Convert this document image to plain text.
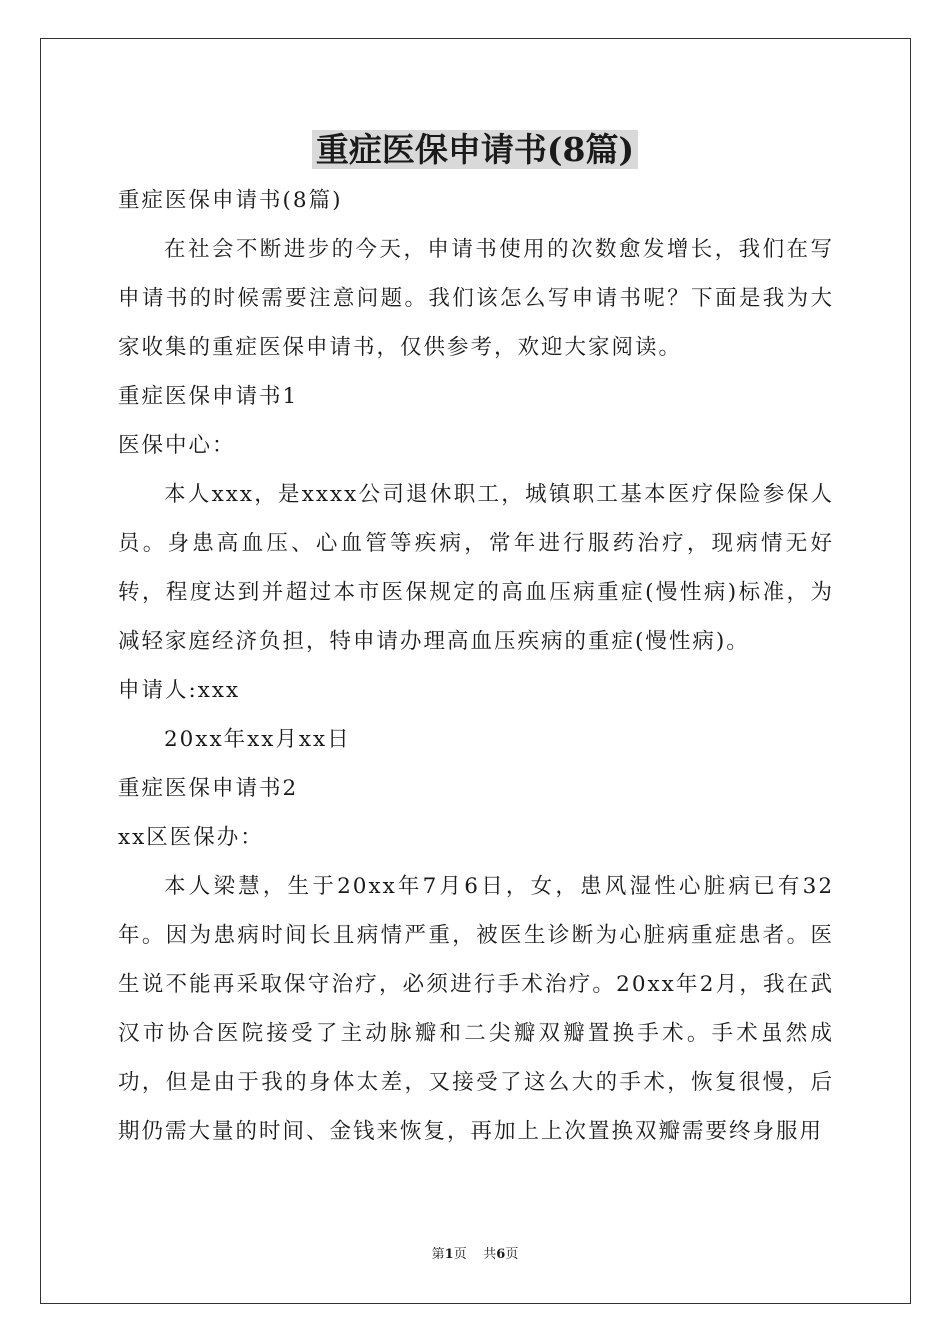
重症医保申请书(8篇)

重症医保申请书(8篇)

在社会不断进步的今天，申请书使用的次数愈发增长，我们在写申请书的时候需要注意问题。我们该怎么写申请书呢？下面是我为大家收集的重症医保申请书，仅供参考，欢迎大家阅读。

重症医保申请书1

医保中心：

本人xxx，是xxxx公司退休职工，城镇职工基本医疗保险参保人员。身患高血压、心血管等疾病，常年进行服药治疗，现病情无好转，程度达到并超过本市医保规定的高血压病重症(慢性病)标准，为减轻家庭经济负担，特申请办理高血压疾病的重症(慢性病)。

申请人:xxx

20xx年xx月xx日

重症医保申请书2

xx区医保办：

本人梁慧，生于20xx年7月6日，女，患风湿性心脏病已有32年。因为患病时间长且病情严重，被医生诊断为心脏病重症患者。医生说不能再采取保守治疗，必须进行手术治疗。20xx年2月，我在武汉市协合医院接受了主动脉瓣和二尖瓣双瓣置换手术。手术虽然成功，但是由于我的身体太差，又接受了这么大的手术，恢复很慢，后期仍需大量的时间、金钱来恢复，再加上上次置换双瓣需要终身服用

第1页 共6页
